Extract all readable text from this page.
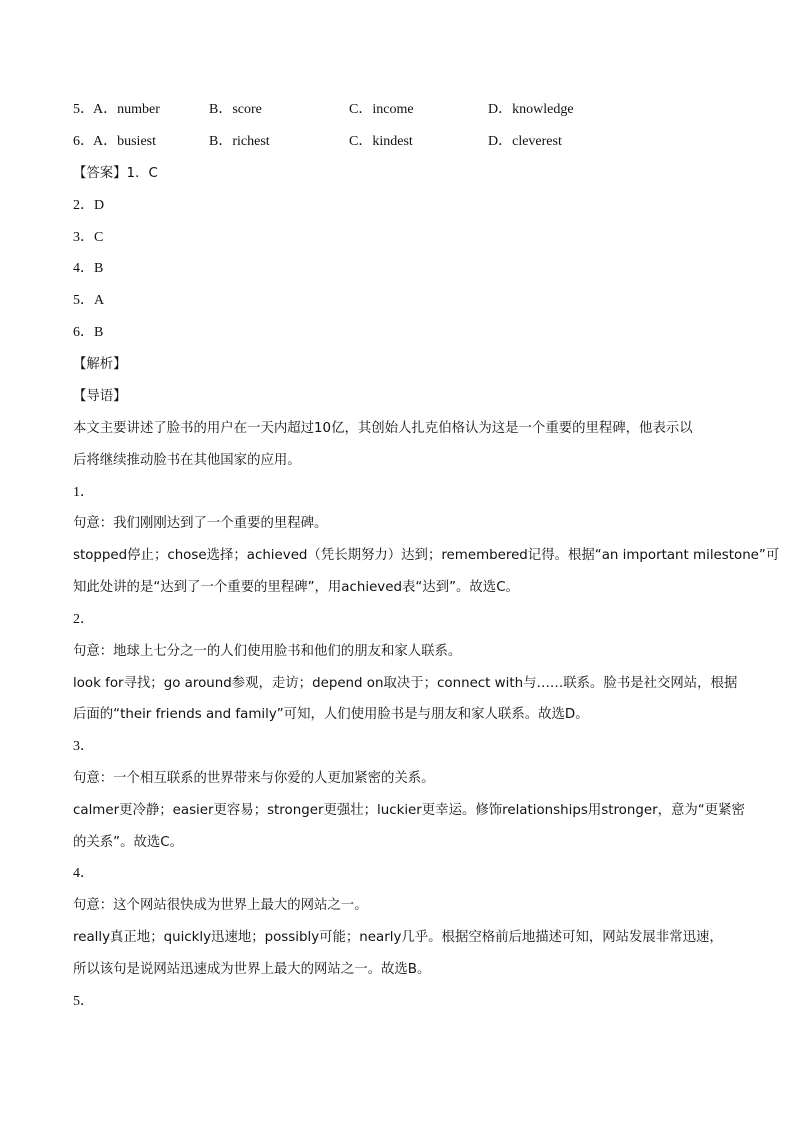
5． A．number	B．score	C．income	D．knowledge
6． A．busiest	B．richest	C．kindest	D．cleverest
【答案】1．C
2．D
3．C
4．B
5．A
6．B
【解析】
【导语】
本文主要讲述了脸书的用户在一天内超过10亿，其创始人扎克伯格认为这是一个重要的里程碑，他表示以
后将继续推动脸书在其他国家的应用。
1．
句意：我们刚刚达到了一个重要的里程碑。
stopped停止；chose选择；achieved（凭长期努力）达到；remembered记得。根据“an important milestone”可
知此处讲的是“达到了一个重要的里程碑”，用achieved表“达到”。故选C。
2．
句意：地球上七分之一的人们使用脸书和他们的朋友和家人联系。
look for寻找；go around参观，走访；depend on取决于；connect with与……联系。脸书是社交网站，根据
后面的“their friends and family”可知，人们使用脸书是与朋友和家人联系。故选D。
3．
句意：一个相互联系的世界带来与你爱的人更加紧密的关系。
calmer更冷静；easier更容易；stronger更强壮；luckier更幸运。修饰relationships用stronger，意为“更紧密
的关系”。故选C。
4．
句意：这个网站很快成为世界上最大的网站之一。
really真正地；quickly迅速地；possibly可能；nearly几乎。根据空格前后地描述可知，网站发展非常迅速，
所以该句是说网站迅速成为世界上最大的网站之一。故选B。
5．
